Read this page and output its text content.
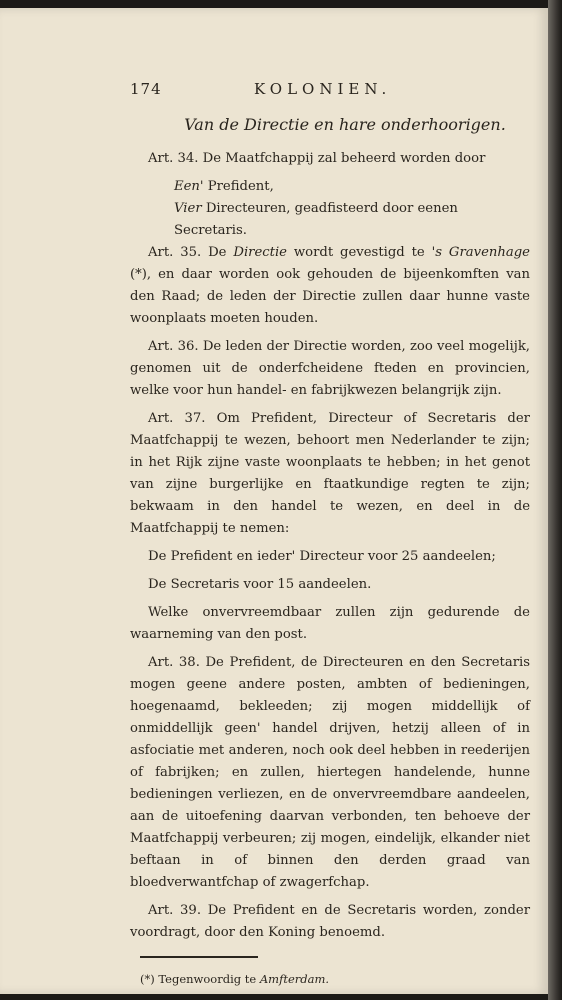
174	KOLONIEN.
Van de Directie en hare onderhoorigen.

Art. 34. De Maatfchappij zal beheerd worden door

Een' Prefident,

Vier Directeuren, geadfisteerd door eenen Secretaris.

Art. 35. De Directie wordt gevestigd te 's Gravenhage (*), en daar worden ook gehouden de bijeenkomften van den Raad; de leden der Directie zullen daar hunne vaste woonplaats moeten houden.

Art. 36. De leden der Directie worden, zoo veel mogelijk, genomen uit de onderfcheidene fteden en provincien, welke voor hun handel- en fabrijkwezen belangrijk zijn.

Art. 37. Om Prefident, Directeur of Secretaris der Maatfchappij te wezen, behoort men Nederlander te zijn; in het Rijk zijne vaste woonplaats te hebben; in het genot van zijne burgerlijke en ftaatkundige regten te zijn; bekwaam in den handel te wezen, en deel in de Maatfchappij te nemen:

De Prefident en ieder' Directeur voor 25 aandeelen;

De Secretaris voor 15 aandeelen.

Welke onvervreemdbaar zullen zijn gedurende de waarneming van den post.

Art. 38. De Prefident, de Directeuren en den Secretaris mogen geene andere posten, ambten of bedieningen, hoegenaamd, bekleeden; zij mogen middellijk of onmiddellijk geen' handel drijven, hetzij alleen of in asfociatie met anderen, noch ook deel hebben in reederijen of fabrijken; en zullen, hiertegen handelende, hunne bedieningen verliezen, en de onvervreemdbare aandeelen, aan de uitoefening daarvan verbonden, ten behoeve der Maatfchappij verbeuren; zij mogen, eindelijk, elkander niet beftaan in of binnen den derden graad van bloedverwantfchap of zwagerfchap.

Art. 39. De Prefident en de Secretaris worden, zonder voordragt, door den Koning benoemd.

(*) Tegenwoordig te Amfterdam.
